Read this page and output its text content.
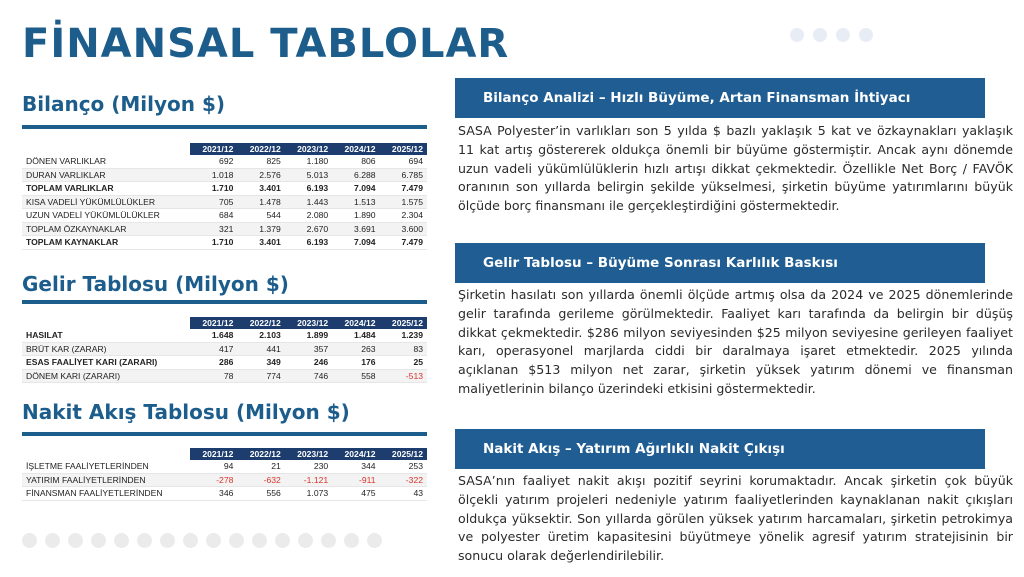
FİNANSAL TABLOLAR
Bilanço (Milyon $)
	2021/12	2022/12	2023/12	2024/12	2025/12
DÖNEN VARLIKLAR	692	825	1.180	806	694
DURAN VARLIKLAR	1.018	2.576	5.013	6.288	6.785
TOPLAM VARLIKLAR	1.710	3.401	6.193	7.094	7.479
KISA VADELİ YÜKÜMLÜLÜKLER	705	1.478	1.443	1.513	1.575
UZUN VADELİ YÜKÜMLÜLÜKLER	684	544	2.080	1.890	2.304
TOPLAM ÖZKAYNAKLAR	321	1.379	2.670	3.691	3.600
TOPLAM KAYNAKLAR	1.710	3.401	6.193	7.094	7.479
Gelir Tablosu (Milyon $)
	2021/12	2022/12	2023/12	2024/12	2025/12
HASILAT	1.648	2.103	1.899	1.484	1.239
BRÜT KAR (ZARAR)	417	441	357	263	83
ESAS FAALİYET KARI (ZARARI)	286	349	246	176	25
DÖNEM KARI (ZARARI)	78	774	746	558	-513
Nakit Akış Tablosu (Milyon $)
	2021/12	2022/12	2023/12	2024/12	2025/12
İŞLETME FAALİYETLERİNDEN	94	21	230	344	253
YATIRIM FAALİYETLERİNDEN	-278	-632	-1.121	-911	-322
FİNANSMAN FAALİYETLERİNDEN	346	556	1.073	475	43
Bilanço Analizi – Hızlı Büyüme, Artan Finansman İhtiyacı

SASA Polyester’in varlıkları son 5 yılda $ bazlı yaklaşık 5 kat ve özkaynakları yaklaşık 11 kat artış göstererek oldukça önemli bir büyüme göstermiştir. Ancak aynı dönemde uzun vadeli yükümlülüklerin hızlı artışı dikkat çekmektedir. Özellikle Net Borç / FAVÖK oranının son yıllarda belirgin şekilde yükselmesi, şirketin büyüme yatırımlarını büyük ölçüde borç finansmanı ile gerçekleştirdiğini göstermektedir.

Gelir Tablosu – Büyüme Sonrası Karlılık Baskısı

Şirketin hasılatı son yıllarda önemli ölçüde artmış olsa da 2024 ve 2025 dönemlerinde gelir tarafında gerileme görülmektedir. Faaliyet karı tarafında da belirgin bir düşüş dikkat çekmektedir. $286 milyon seviyesinden $25 milyon seviyesine gerileyen faaliyet karı, operasyonel marjlarda ciddi bir daralmaya işaret etmektedir. 2025 yılında açıklanan $513 milyon net zarar, şirketin yüksek yatırım dönemi ve finansman maliyetlerinin bilanço üzerindeki etkisini göstermektedir.

Nakit Akış – Yatırım Ağırlıklı Nakit Çıkışı

SASA’nın faaliyet nakit akışı pozitif seyrini korumaktadır. Ancak şirketin çok büyük ölçekli yatırım projeleri nedeniyle yatırım faaliyetlerinden kaynaklanan nakit çıkışları oldukça yüksektir. Son yıllarda görülen yüksek yatırım harcamaları, şirketin petrokimya ve polyester üretim kapasitesini büyütmeye yönelik agresif yatırım stratejisinin bir sonucu olarak değerlendirilebilir.
